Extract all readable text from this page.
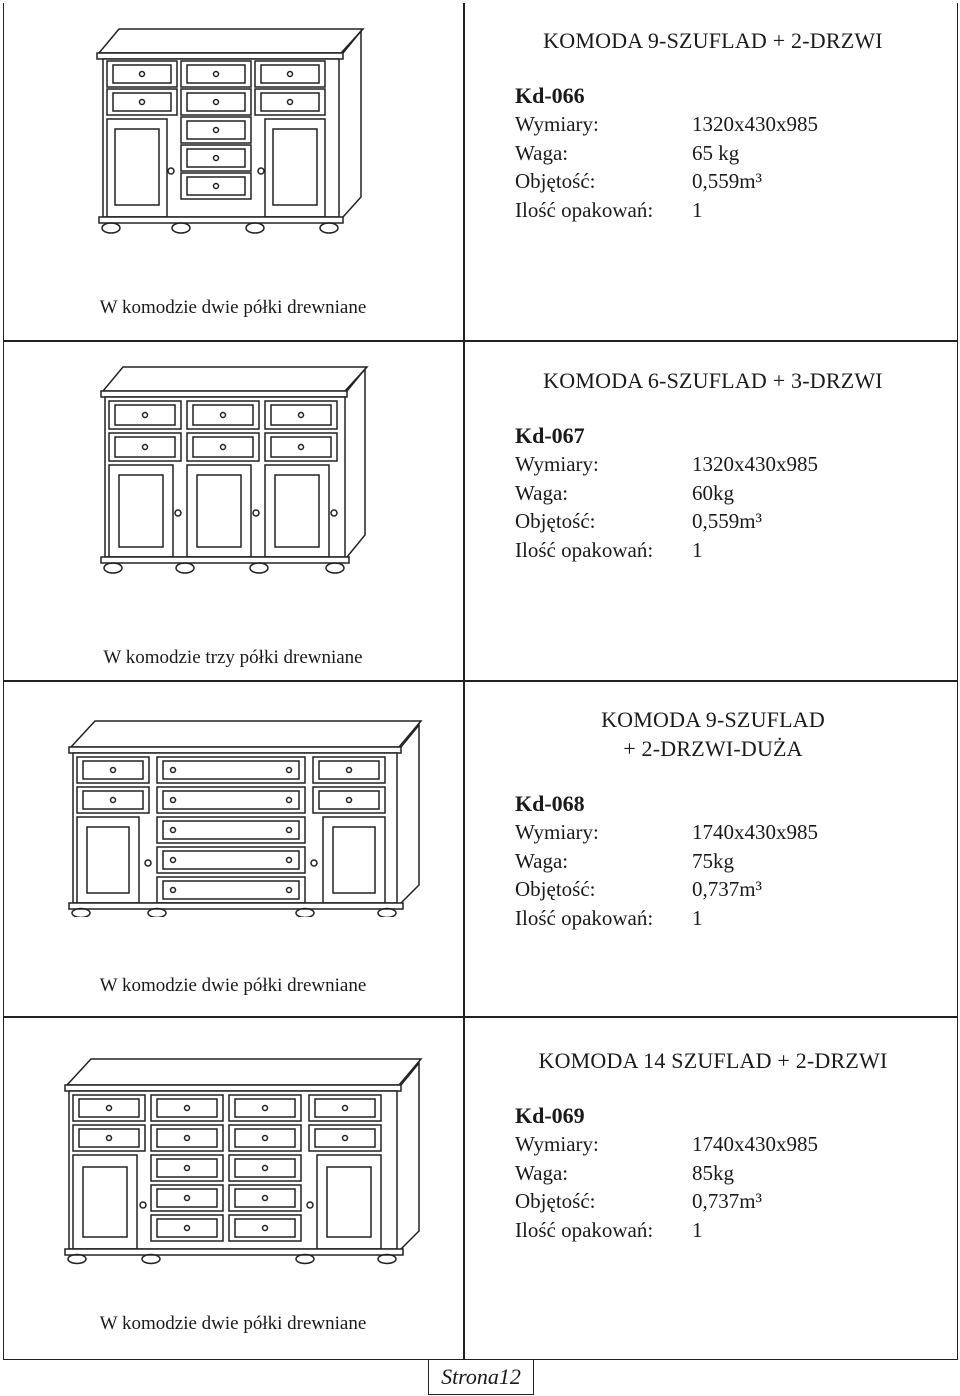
W komodzie dwie półki drewniane
KOMODA 9-SZUFLAD + 2-DRZWI
Kd-066
Wymiary:	1320x430x985
Waga:	65 kg
Objętość:	0,559m³
Ilość opakowań:	1
W komodzie trzy półki drewniane
KOMODA 6-SZUFLAD + 3-DRZWI
Kd-067
Wymiary:	1320x430x985
Waga:	60kg
Objętość:	0,559m³
Ilość opakowań:	1
W komodzie dwie półki drewniane
KOMODA 9-SZUFLAD
+ 2-DRZWI-DUŻA
Kd-068
Wymiary:	1740x430x985
Waga:	75kg
Objętość:	0,737m³
Ilość opakowań:	1
W komodzie dwie półki drewniane
KOMODA 14 SZUFLAD + 2-DRZWI
Kd-069
Wymiary:	1740x430x985
Waga:	85kg
Objętość:	0,737m³
Ilość opakowań:	1
Strona12
